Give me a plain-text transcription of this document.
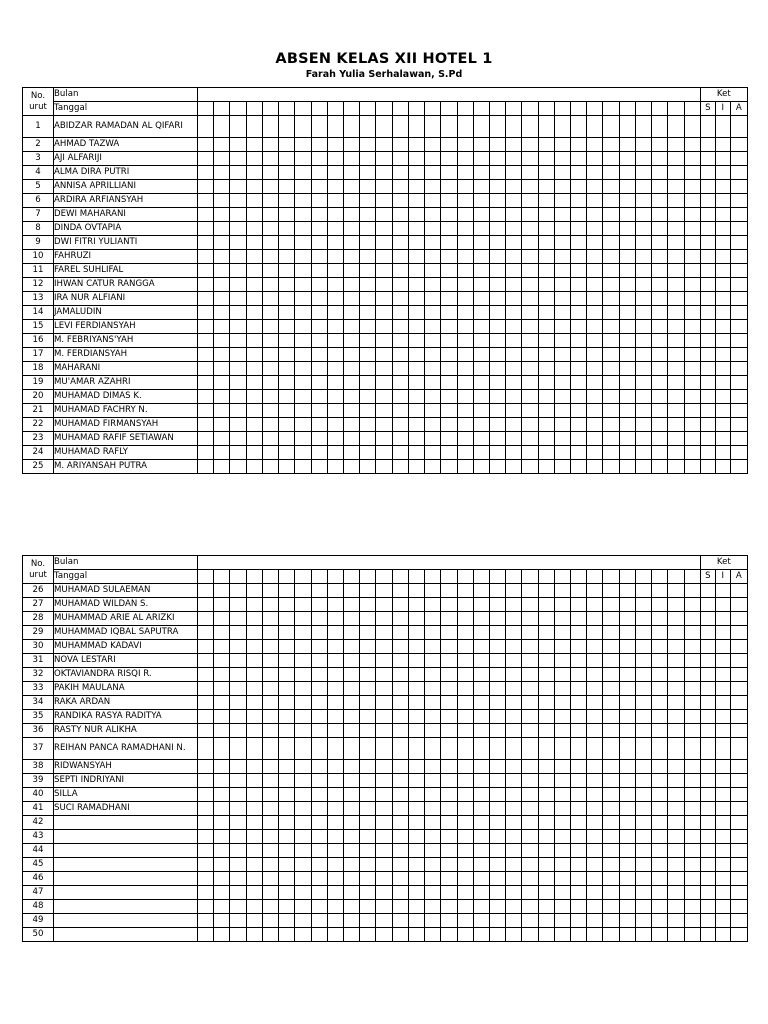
ABSEN KELAS XII HOTEL 1
Farah Yulia Serhalawan, S.Pd
No.
urut	Bulan																																Ket		
	Tanggal																																S	I	A
1	ABIDZAR RAMADAN AL QIFARI																																		
2	AHMAD TAZWA																																		
3	AJI ALFARIJI																																		
4	ALMA DIRA PUTRI																																		
5	ANNISA APRILLIANI																																		
6	ARDIRA ARFIANSYAH																																		
7	DEWI MAHARANI																																		
8	DINDA OVTAPIA																																		
9	DWI FITRI YULIANTI																																		
10	FAHRUZI																																		
11	FAREL SUHLIFAL																																		
12	IHWAN CATUR RANGGA																																		
13	IRA NUR ALFIANI																																		
14	JAMALUDIN																																		
15	LEVI FERDIANSYAH																																		
16	M. FEBRIYANS'YAH																																		
17	M. FERDIANSYAH																																		
18	MAHARANI																																		
19	MU'AMAR AZAHRI																																		
20	MUHAMAD DIMAS K.																																		
21	MUHAMAD FACHRY N.																																		
22	MUHAMAD FIRMANSYAH																																		
23	MUHAMAD RAFIF SETIAWAN																																		
24	MUHAMAD RAFLY																																		
25	M. ARIYANSAH PUTRA																																		
No.
urut	Bulan																																Ket		
	Tanggal																																S	I	A
26	MUHAMAD SULAEMAN																																		
27	MUHAMAD WILDAN S.																																		
28	MUHAMMAD ARIE AL ARIZKI																																		
29	MUHAMMAD IQBAL SAPUTRA																																		
30	MUHAMMAD KADAVI																																		
31	NOVA LESTARI																																		
32	OKTAVIANDRA RISQI R.																																		
33	PAKIH MAULANA																																		
34	RAKA ARDAN																																		
35	RANDIKA RASYA RADITYA																																		
36	RASTY NUR ALIKHA																																		
37	REIHAN PANCA RAMADHANI N.																																		
38	RIDWANSYAH																																		
39	SEPTI INDRIYANI																																		
40	SILLA																																		
41	SUCI RAMADHANI																																		
42																																			
43																																			
44																																			
45																																			
46																																			
47																																			
48																																			
49																																			
50																																			
